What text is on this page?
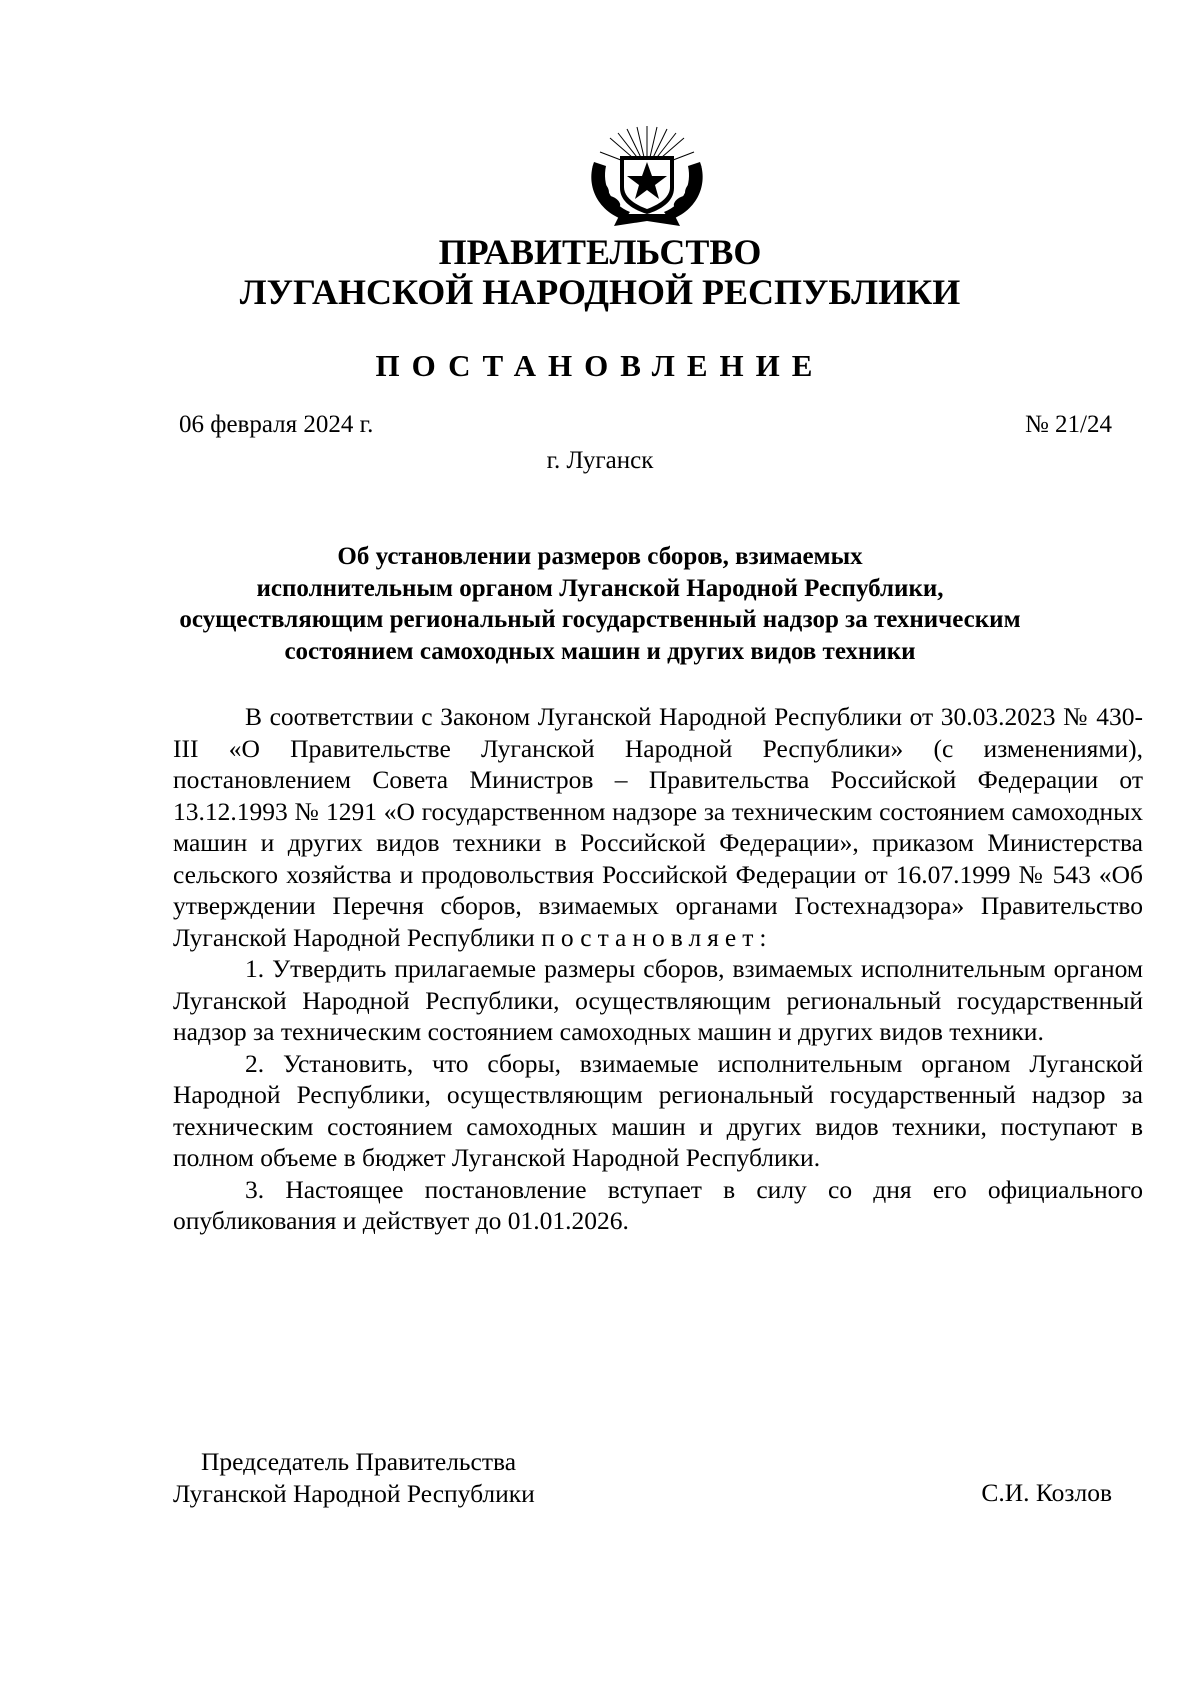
ПРАВИТЕЛЬСТВО
ЛУГАНСКОЙ НАРОДНОЙ РЕСПУБЛИКИ
ПОСТАНОВЛЕНИЕ
06 февраля 2024 г.	№ 21/24
г. Луганск
Об установлении размеров сборов, взимаемых
исполнительным органом Луганской Народной Республики,
осуществляющим региональный государственный надзор за техническим
состоянием самоходных машин и других видов техники

В соответствии с Законом Луганской Народной Республики от 30.03.2023 № 430-III «О Правительстве Луганской Народной Республики» (с изменениями), постановлением Совета Министров – Правительства Российской Федерации от 13.12.1993 № 1291 «О государственном надзоре за техническим состоянием самоходных машин и других видов техники в Российской Федерации», приказом Министерства сельского хозяйства и продовольствия Российской Федерации от 16.07.1999 № 543 «Об утверждении Перечня сборов, взимаемых органами Гостехнадзора» Правительство Луганской Народной Республики постановляет:

1. Утвердить прилагаемые размеры сборов, взимаемых исполнительным органом Луганской Народной Республики, осуществляющим региональный государственный надзор за техническим состоянием самоходных машин и других видов техники.

2. Установить, что сборы, взимаемые исполнительным органом Луганской Народной Республики, осуществляющим региональный государственный надзор за техническим состоянием самоходных машин и других видов техники, поступают в полном объеме в бюджет Луганской Народной Республики.

3. Настоящее постановление вступает в силу со дня его официального опубликования и действует до 01.01.2026.

Председатель Правительства
Луганской Народной Республики	С.И. Козлов
